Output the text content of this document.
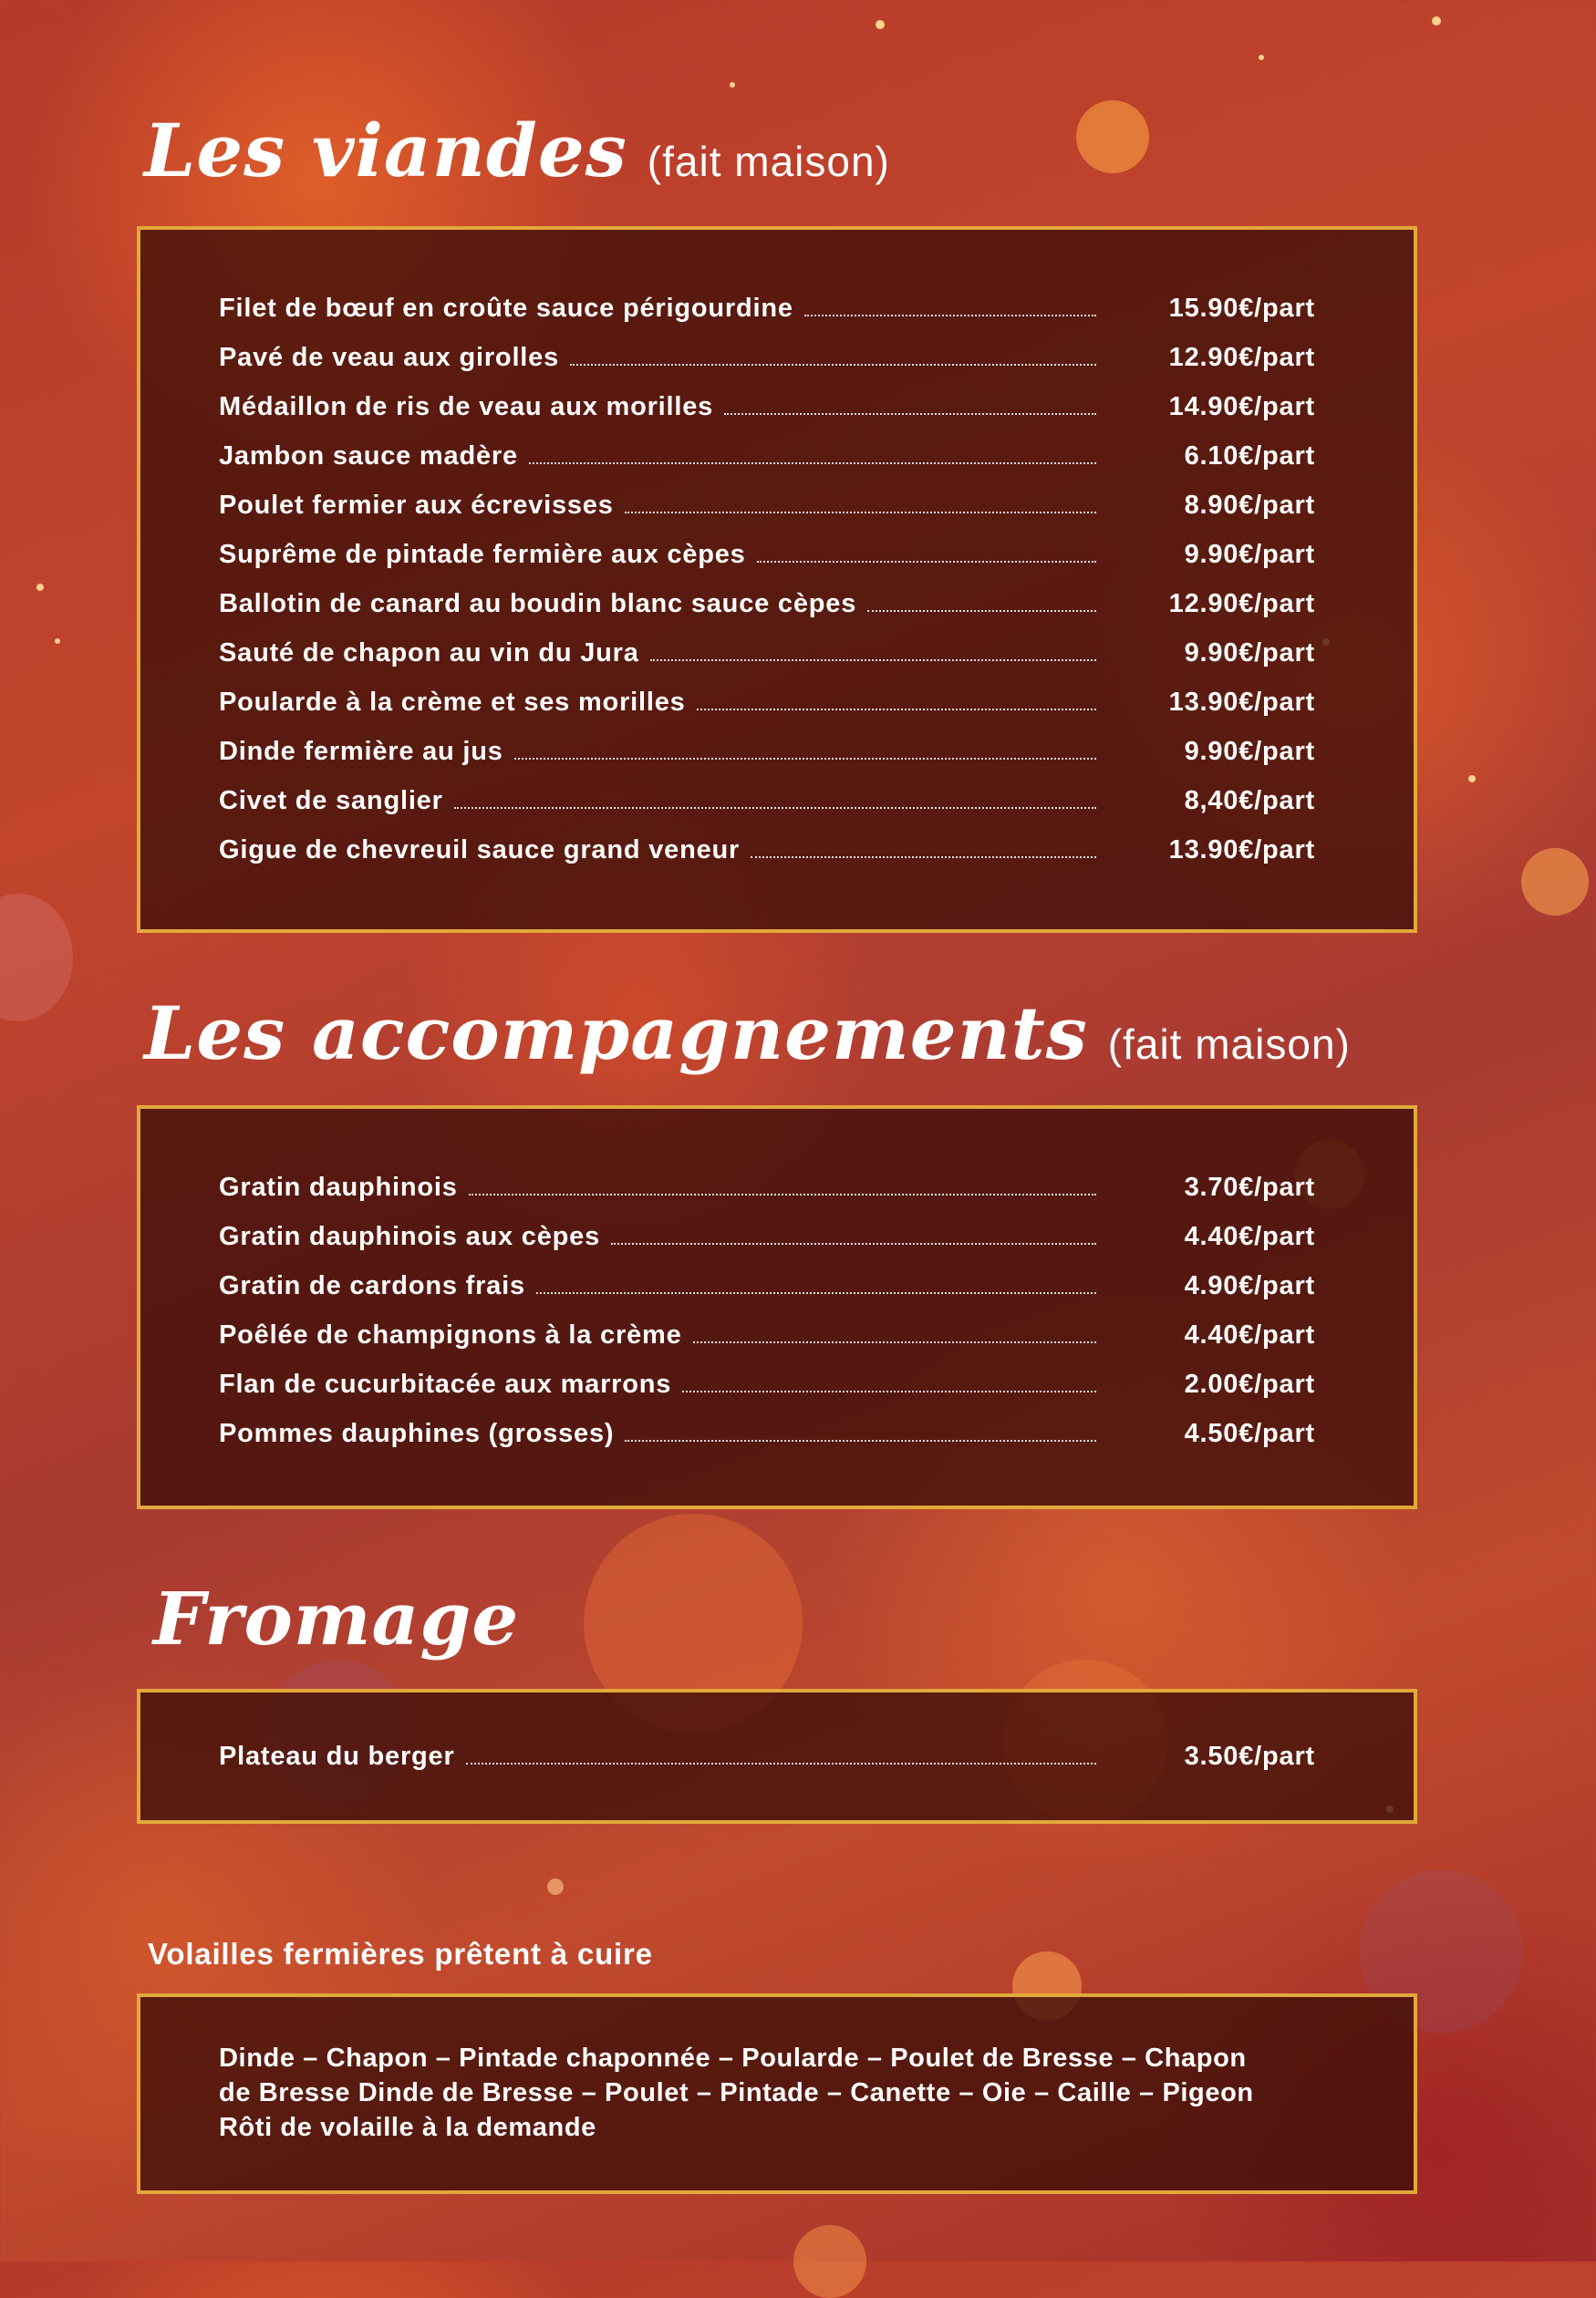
Les viandes (fait maison)
Filet de bœuf en croûte sauce périgourdine	15.90€/part
Pavé de veau aux girolles	12.90€/part
Médaillon de ris de veau aux morilles	14.90€/part
Jambon sauce madère	6.10€/part
Poulet fermier aux écrevisses	8.90€/part
Suprême de pintade fermière aux cèpes	9.90€/part
Ballotin de canard au boudin blanc sauce cèpes	12.90€/part
Sauté de chapon au vin du Jura	9.90€/part
Poularde à la crème et ses morilles	13.90€/part
Dinde fermière au jus	9.90€/part
Civet de sanglier	8,40€/part
Gigue de chevreuil sauce grand veneur	13.90€/part
Les accompagnements (fait maison)
Gratin dauphinois	3.70€/part
Gratin dauphinois aux cèpes	4.40€/part
Gratin de cardons frais	4.90€/part
Poêlée de champignons à la crème	4.40€/part
Flan de cucurbitacée aux marrons	2.00€/part
Pommes dauphines (grosses)	4.50€/part
Fromage
Plateau du berger	3.50€/part
Volailles fermières prêtent à cuire
Dinde – Chapon – Pintade chaponnée – Poularde – Poulet de Bresse – Chapon
de Bresse Dinde de Bresse – Poulet – Pintade – Canette – Oie – Caille – Pigeon
Rôti de volaille à la demande
